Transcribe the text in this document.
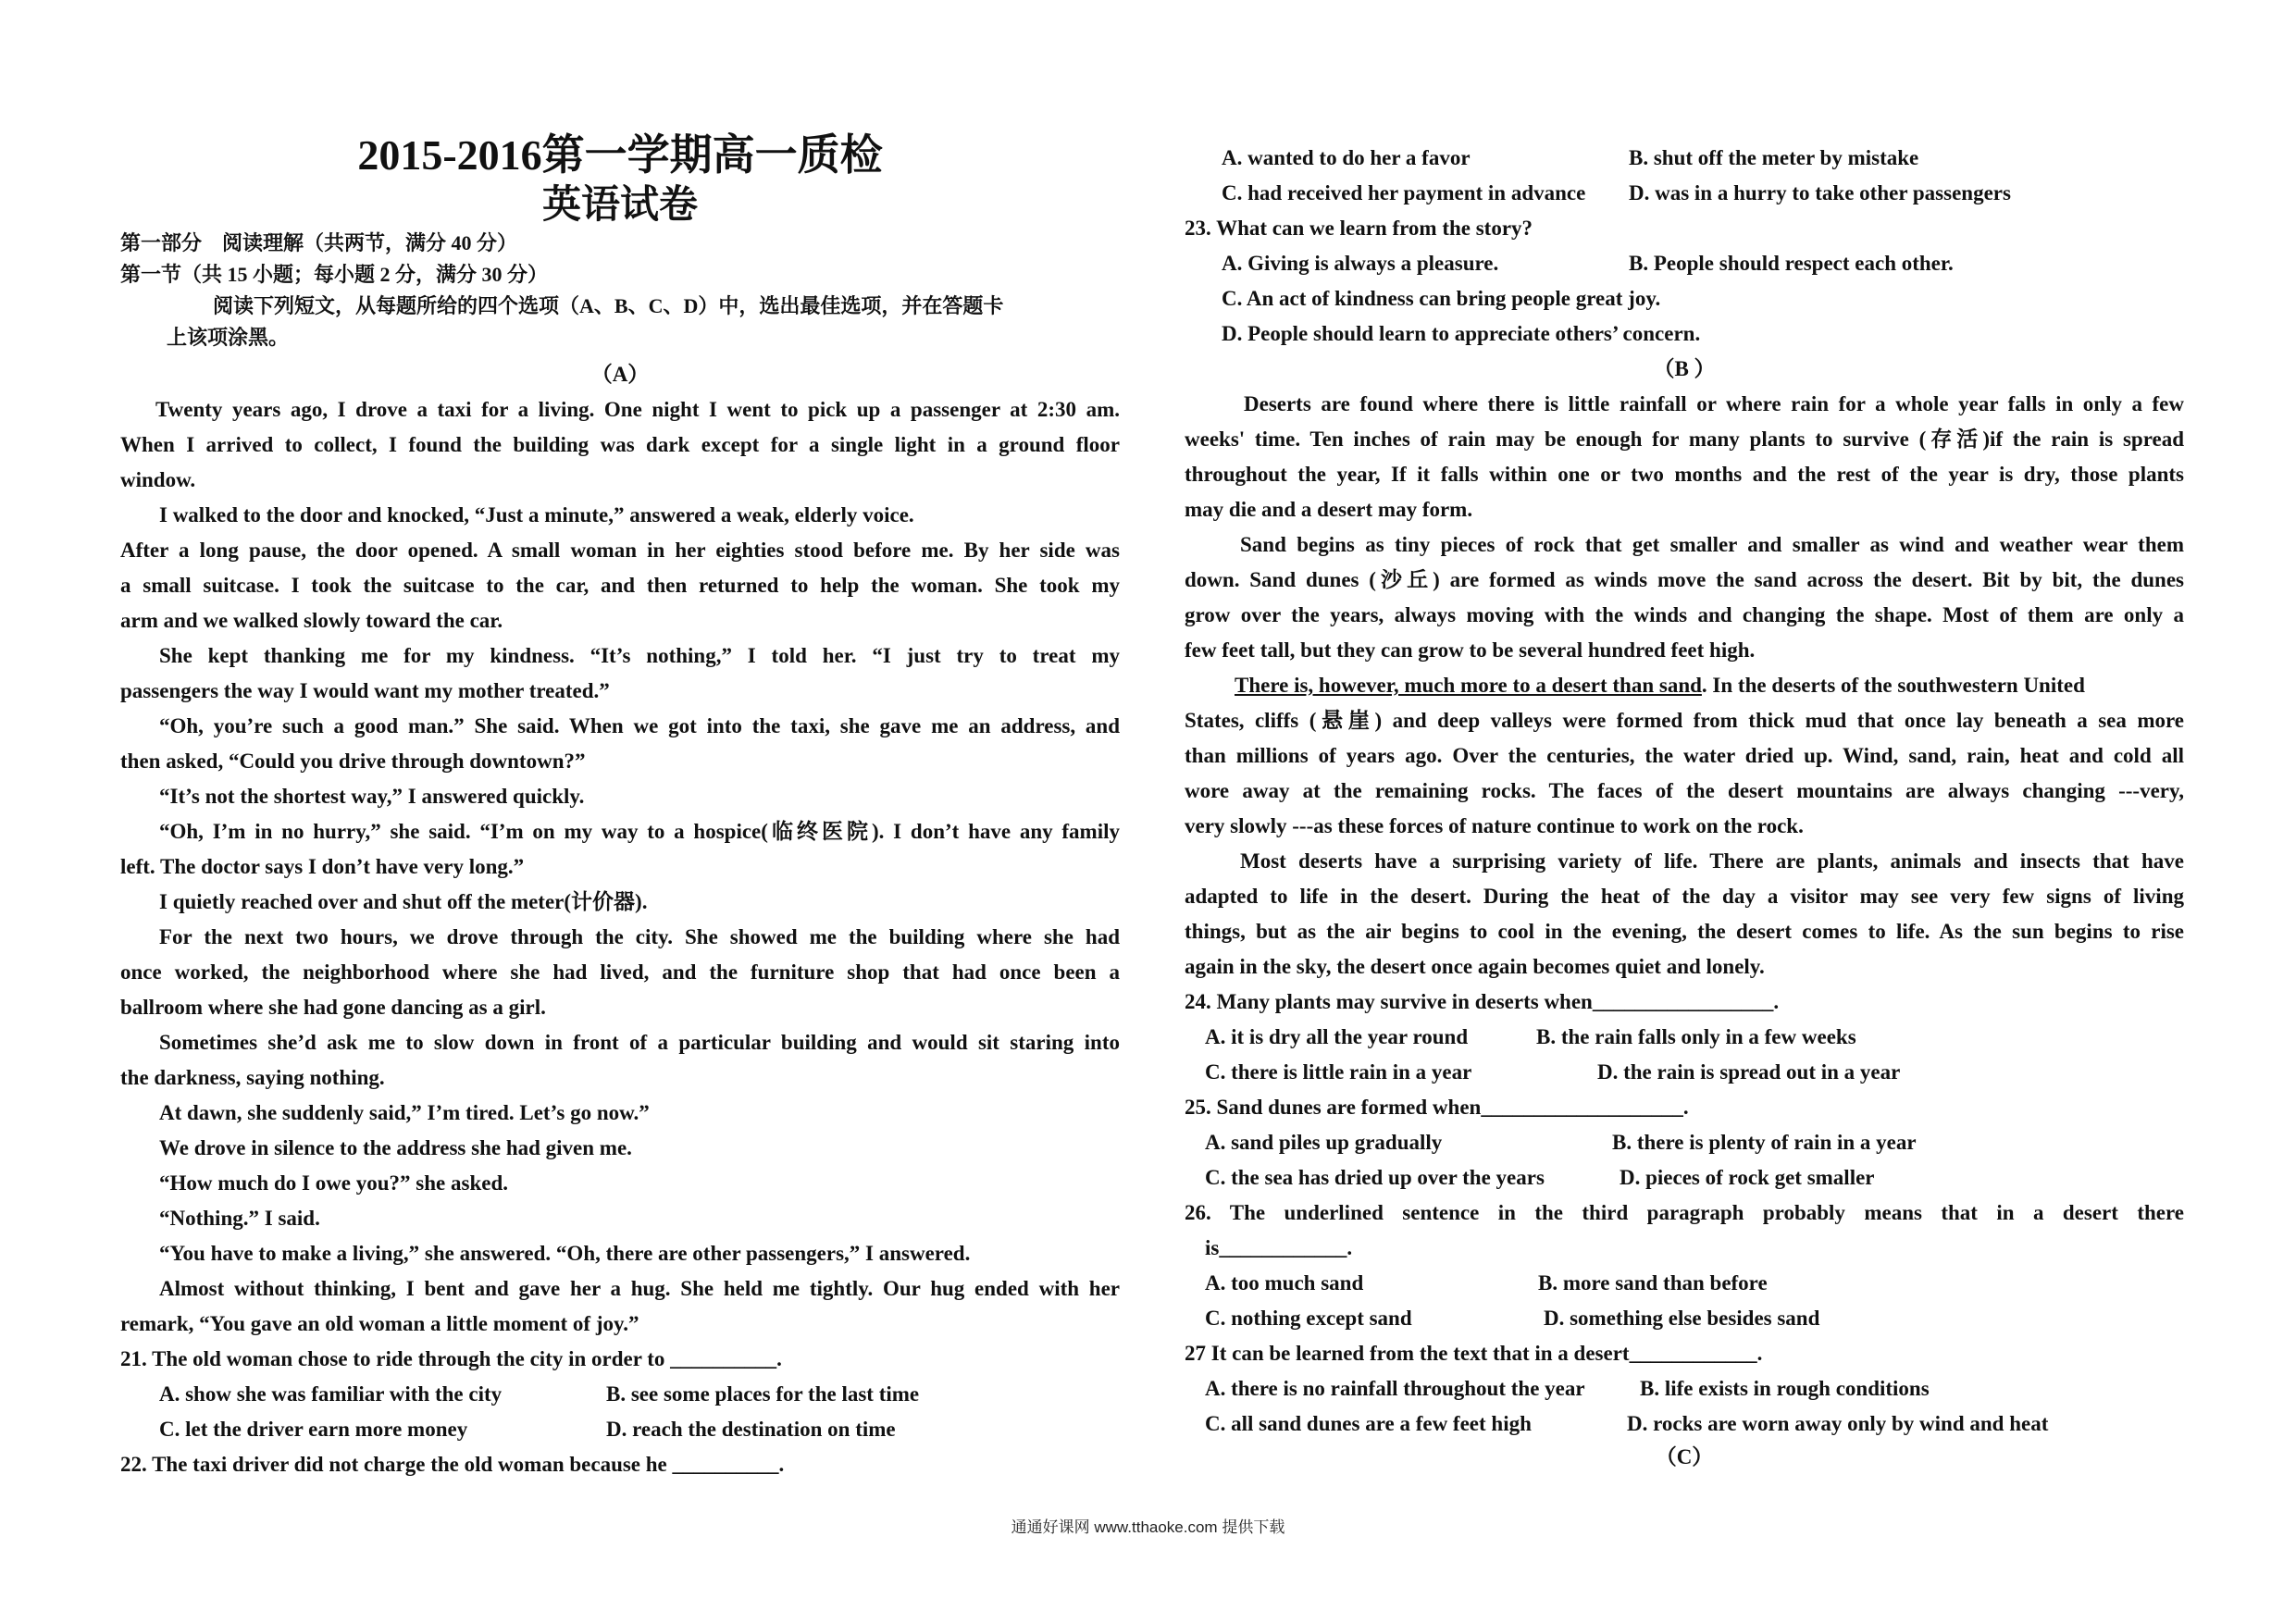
2015-2016第一学期高一质检
英语试卷
第一部分　阅读理解（共两节，满分 40 分）
第一节（共 15 小题；每小题 2 分，满分 30 分）
阅读下列短文，从每题所给的四个选项（A、B、C、D）中，选出最佳选项，并在答题卡
上该项涂黑。
（A）
Twenty years ago, I drove a taxi for a living. One night I went to pick up a passenger at 2:30 am.
When I arrived to collect, I found the building was dark except for a single light in a ground floor
window.
I walked to the door and knocked, “Just a minute,” answered a weak, elderly voice.
After a long pause, the door opened. A small woman in her eighties stood before me. By her side was
a small suitcase. I took the suitcase to the car, and then returned to help the woman. She took my
arm and we walked slowly toward the car.
She kept thanking me for my kindness. “It’s nothing,” I told her. “I just try to treat my
passengers the way I would want my mother treated.”
“Oh, you’re such a good man.” She said. When we got into the taxi, she gave me an address, and
then asked, “Could you drive through downtown?”
“It’s not the shortest way,” I answered quickly.
“Oh, I’m in no hurry,” she said. “I’m on my way to a hospice(临终医院). I don’t have any family
left. The doctor says I don’t have very long.”
I quietly reached over and shut off the meter(计价器).
For the next two hours, we drove through the city. She showed me the building where she had
once worked, the neighborhood where she had lived, and the furniture shop that had once been a
ballroom where she had gone dancing as a girl.
Sometimes she’d ask me to slow down in front of a particular building and would sit staring into
the darkness, saying nothing.
At dawn, she suddenly said,” I’m tired. Let’s go now.”
We drove in silence to the address she had given me.
“How much do I owe you?” she asked.
“Nothing.” I said.
“You have to make a living,” she answered. “Oh, there are other passengers,” I answered.
Almost without thinking, I bent and gave her a hug. She held me tightly. Our hug ended with her
remark, “You gave an old woman a little moment of joy.”
21. The old woman chose to ride through the city in order to __________.
A. show she was familiar with the city	B. see some places for the last time
C. let the driver earn more money	D. reach the destination on time
22. The taxi driver did not charge the old woman because he __________.
A. wanted to do her a favor	B. shut off the meter by mistake
C. had received her payment in advance D. was in a hurry to take other passengers
23. What can we learn from the story?
A. Giving is always a pleasure.	B. People should respect each other.
C. An act of kindness can bring people great joy.
D. People should learn to appreciate others’ concern.
（B ）
Deserts are found where there is little rainfall or where rain for a whole year falls in only a few
weeks' time. Ten inches of rain may be enough for many plants to survive (存活)if the rain is spread
throughout the year, If it falls within one or two months and the rest of the year is dry, those plants
may die and a desert may form.
Sand begins as tiny pieces of rock that get smaller and smaller as wind and weather wear them
down. Sand dunes (沙丘) are formed as winds move the sand across the desert. Bit by bit, the dunes
grow over the years, always moving with the winds and changing the shape. Most of them are only a
few feet tall, but they can grow to be several hundred feet high.
There is, however, much more to a desert than sand. In the deserts of the southwestern United
States, cliffs (悬崖) and deep valleys were formed from thick mud that once lay beneath a sea more
than millions of years ago. Over the centuries, the water dried up. Wind, sand, rain, heat and cold all
wore away at the remaining rocks. The faces of the desert mountains are always changing ---very,
very slowly ---as these forces of nature continue to work on the rock.
Most deserts have a surprising variety of life. There are plants, animals and insects that have
adapted to life in the desert. During the heat of the day a visitor may see very few signs of living
things, but as the air begins to cool in the evening, the desert comes to life. As the sun begins to rise
again in the sky, the desert once again becomes quiet and lonely.
24. Many plants may survive in deserts when_________________.
A. it is dry all the year round	B. the rain falls only in a few weeks
C. there is little rain in a year	D. the rain is spread out in a year
25. Sand dunes are formed when___________________.
A. sand piles up gradually	B. there is plenty of rain in a year
C. the sea has dried up over the years	D. pieces of rock get smaller
26. The underlined sentence in the third paragraph probably means that in a desert there
is____________.
A. too much sand	B. more sand than before
C. nothing except sand	D. something else besides sand
27 It can be learned from the text that in a desert____________.
A. there is no rainfall throughout the year	B. life exists in rough conditions
C. all sand dunes are a few feet high	D. rocks are worn away only by wind and heat
（C）
通通好课网 www.tthaoke.com 提供下载
